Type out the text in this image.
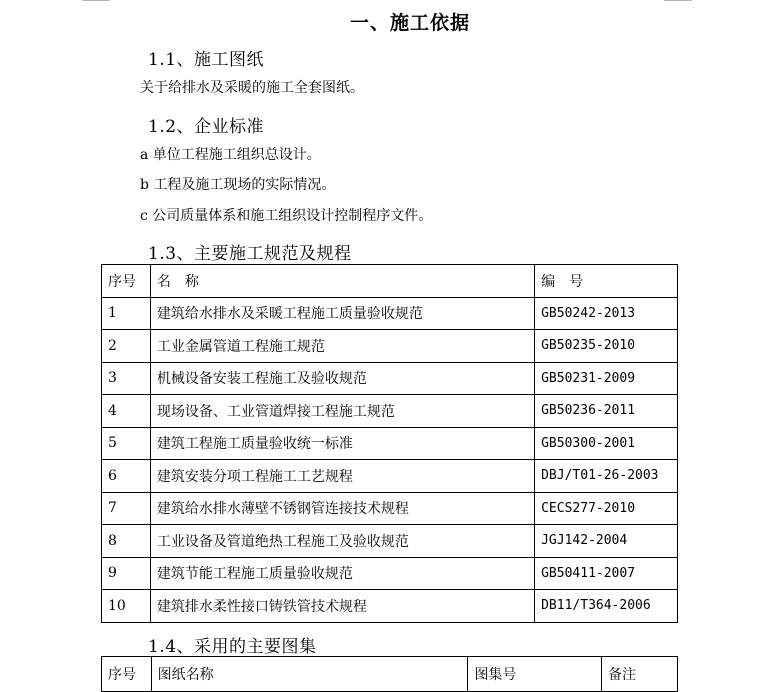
一、施工依据
1.1、施工图纸
关于给排水及采暖的施工全套图纸。
1.2、企业标准
a 单位工程施工组织总设计。
b 工程及施工现场的实际情况。
c 公司质量体系和施工组织设计控制程序文件。
1.3、主要施工规范及规程
序号	名　称	编　号
1	建筑给水排水及采暖工程施工质量验收规范	GB50242-2013
2	工业金属管道工程施工规范	GB50235-2010
3	机械设备安装工程施工及验收规范	GB50231-2009
4	现场设备、工业管道焊接工程施工规范	GB50236-2011
5	建筑工程施工质量验收统一标准	GB50300-2001
6	建筑安装分项工程施工工艺规程	DBJ/T01-26-2003
7	建筑给水排水薄壁不锈钢管连接技术规程	CECS277-2010
8	工业设备及管道绝热工程施工及验收规范	JGJ142-2004
9	建筑节能工程施工质量验收规范	GB50411-2007
10	建筑排水柔性接口铸铁管技术规程	DB11/T364-2006
1.4、采用的主要图集
序号	图纸名称	图集号	备注
